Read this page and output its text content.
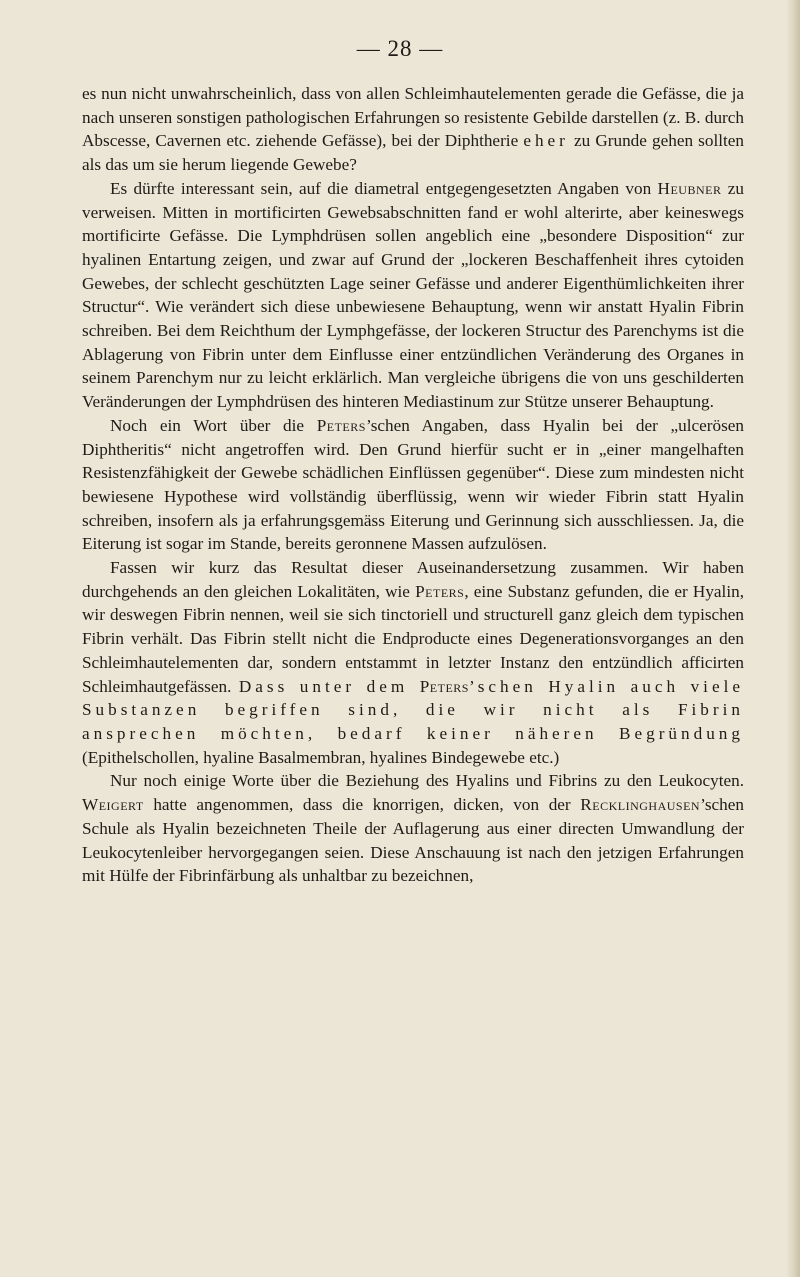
— 28 —

es nun nicht unwahrscheinlich, dass von allen Schleimhautelementen gerade die Gefässe, die ja nach unseren sonstigen pathologischen Erfahrungen so resistente Gebilde darstellen (z. B. durch Abscesse, Cavernen etc. ziehende Gefässe), bei der Diphtherie eher zu Grunde gehen sollten als das um sie herum liegende Gewebe?

Es dürfte interessant sein, auf die diametral entgegengesetzten Angaben von Heubner zu verweisen. Mitten in mortificirten Gewebsabschnitten fand er wohl alterirte, aber keineswegs mortificirte Gefässe. Die Lymphdrüsen sollen angeblich eine „besondere Disposition“ zur hyalinen Entartung zeigen, und zwar auf Grund der „lockeren Beschaffenheit ihres cytoiden Gewebes, der schlecht geschützten Lage seiner Gefässe und anderer Eigenthümlichkeiten ihrer Structur“. Wie verändert sich diese unbewiesene Behauptung, wenn wir anstatt Hyalin Fibrin schreiben. Bei dem Reichthum der Lymphgefässe, der lockeren Structur des Parenchyms ist die Ablagerung von Fibrin unter dem Einflusse einer entzündlichen Veränderung des Organes in seinem Parenchym nur zu leicht erklärlich. Man vergleiche übrigens die von uns geschilderten Veränderungen der Lymphdrüsen des hinteren Mediastinum zur Stütze unserer Behauptung.

Noch ein Wort über die Peters’schen Angaben, dass Hyalin bei der „ulcerösen Diphtheritis“ nicht angetroffen wird. Den Grund hierfür sucht er in „einer mangelhaften Resistenzfähigkeit der Gewebe schädlichen Einflüssen gegenüber“. Diese zum mindesten nicht bewiesene Hypothese wird vollständig überflüssig, wenn wir wieder Fibrin statt Hyalin schreiben, insofern als ja erfahrungsgemäss Eiterung und Gerinnung sich ausschliessen. Ja, die Eiterung ist sogar im Stande, bereits geronnene Massen aufzulösen.

Fassen wir kurz das Resultat dieser Auseinandersetzung zusammen. Wir haben durchgehends an den gleichen Lokalitäten, wie Peters, eine Substanz gefunden, die er Hyalin, wir deswegen Fibrin nennen, weil sie sich tinctoriell und structurell ganz gleich dem typischen Fibrin verhält. Das Fibrin stellt nicht die Endproducte eines Degenerationsvorganges an den Schleimhautelementen dar, sondern entstammt in letzter Instanz den entzündlich afficirten Schleimhautgefässen. Dass unter dem Peters’schen Hyalin auch viele Substanzen begriffen sind, die wir nicht als Fibrin ansprechen möchten, bedarf keiner näheren Begründung (Epithelschollen, hyaline Basalmembran, hyalines Bindegewebe etc.)

Nur noch einige Worte über die Beziehung des Hyalins und Fibrins zu den Leukocyten. Weigert hatte angenommen, dass die knorrigen, dicken, von der Recklinghausen’schen Schule als Hyalin bezeichneten Theile der Auflagerung aus einer directen Umwandlung der Leukocytenleiber hervorgegangen seien. Diese Anschauung ist nach den jetzigen Erfahrungen mit Hülfe der Fibrinfärbung als unhaltbar zu bezeichnen,
